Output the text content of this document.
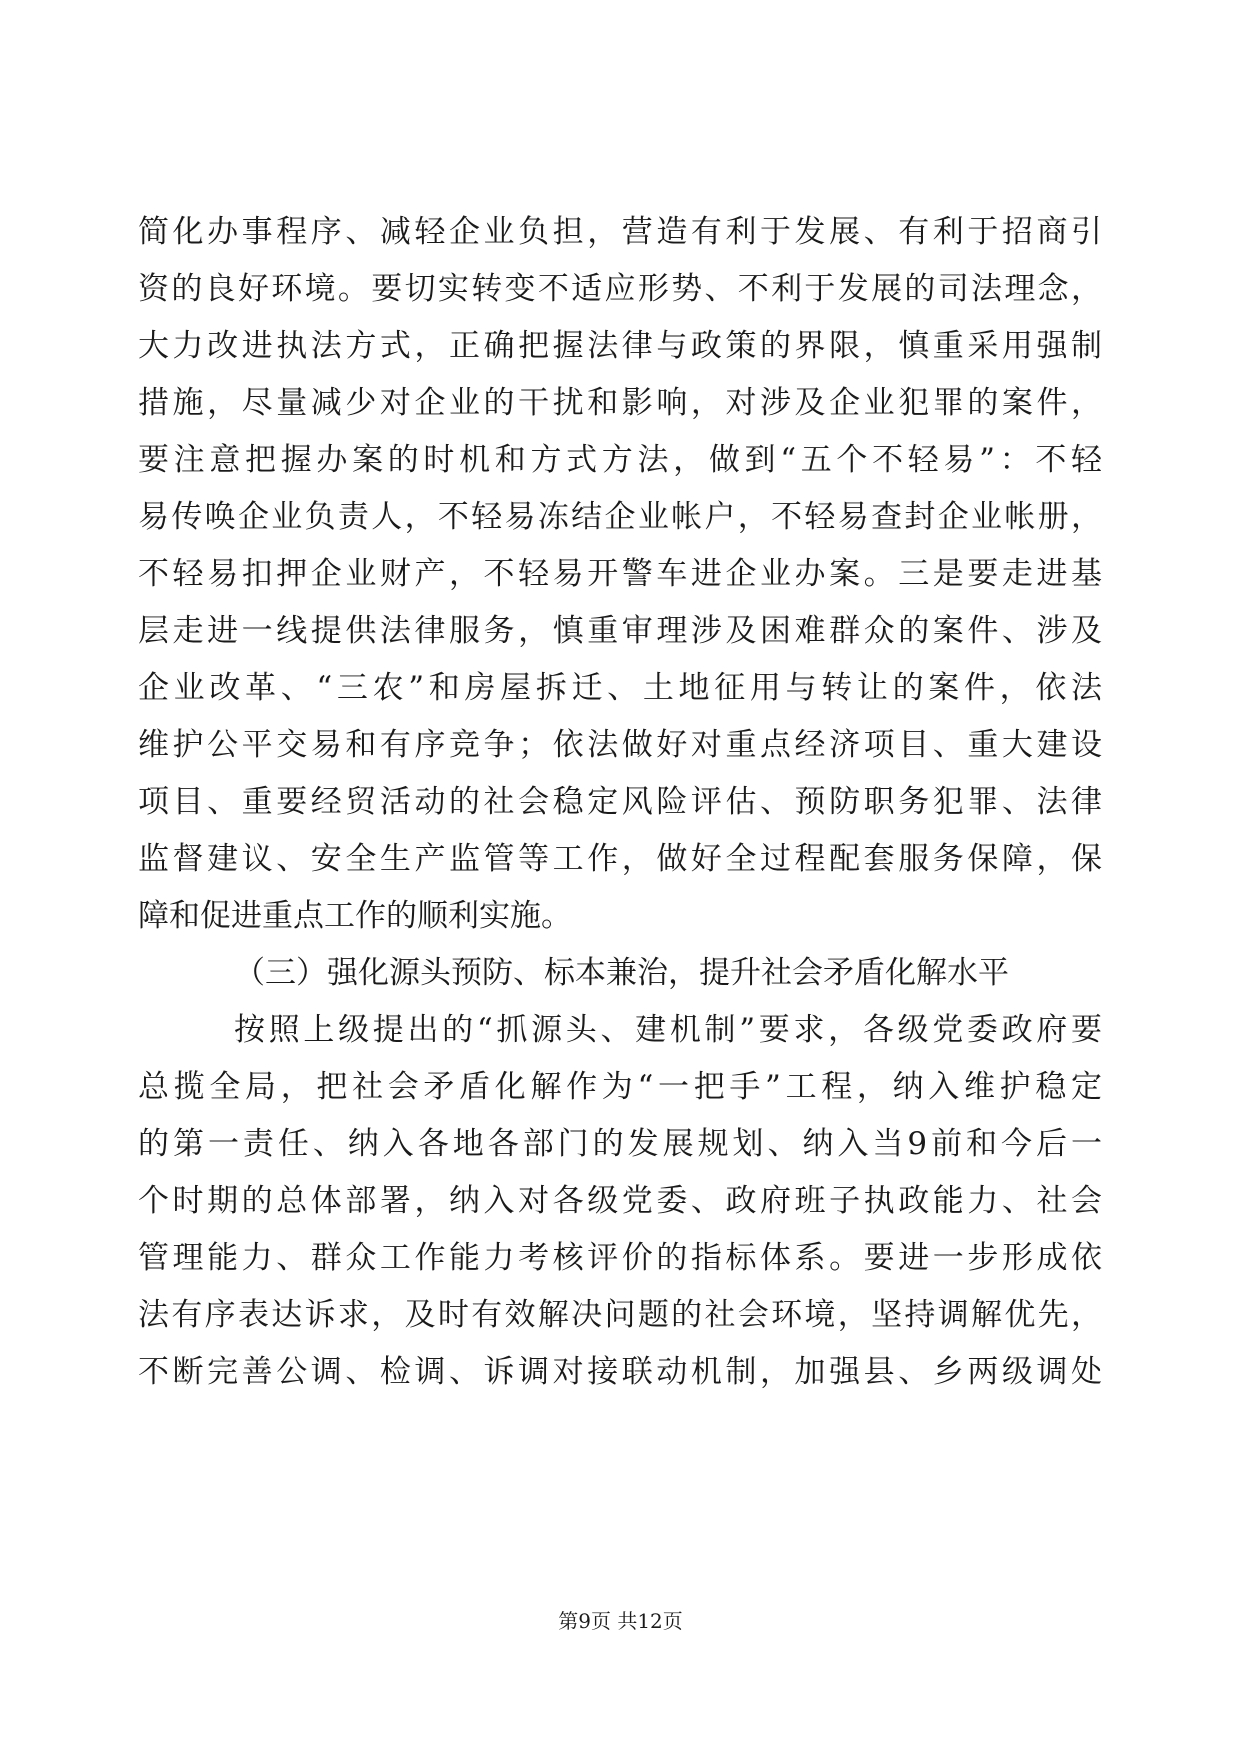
简化办事程序、减轻企业负担，营造有利于发展、有利于招商引
资的良好环境。要切实转变不适应形势、不利于发展的司法理念，
大力改进执法方式，正确把握法律与政策的界限，慎重采用强制
措施，尽量减少对企业的干扰和影响，对涉及企业犯罪的案件，
要注意把握办案的时机和方式方法，做到“五个不轻易”：不轻
易传唤企业负责人，不轻易冻结企业帐户，不轻易查封企业帐册，
不轻易扣押企业财产，不轻易开警车进企业办案。三是要走进基
层走进一线提供法律服务，慎重审理涉及困难群众的案件、涉及
企业改革、“三农”和房屋拆迁、土地征用与转让的案件，依法
维护公平交易和有序竞争；依法做好对重点经济项目、重大建设
项目、重要经贸活动的社会稳定风险评估、预防职务犯罪、法律
监督建议、安全生产监管等工作，做好全过程配套服务保障，保
障和促进重点工作的顺利实施。
（三）强化源头预防、标本兼治，提升社会矛盾化解水平
按照上级提出的“抓源头、建机制”要求，各级党委政府要
总揽全局，把社会矛盾化解作为“一把手”工程，纳入维护稳定
的第一责任、纳入各地各部门的发展规划、纳入当9前和今后一
个时期的总体部署，纳入对各级党委、政府班子执政能力、社会
管理能力、群众工作能力考核评价的指标体系。要进一步形成依
法有序表达诉求，及时有效解决问题的社会环境，坚持调解优先，
不断完善公调、检调、诉调对接联动机制，加强县、乡两级调处
第9页 共12页
